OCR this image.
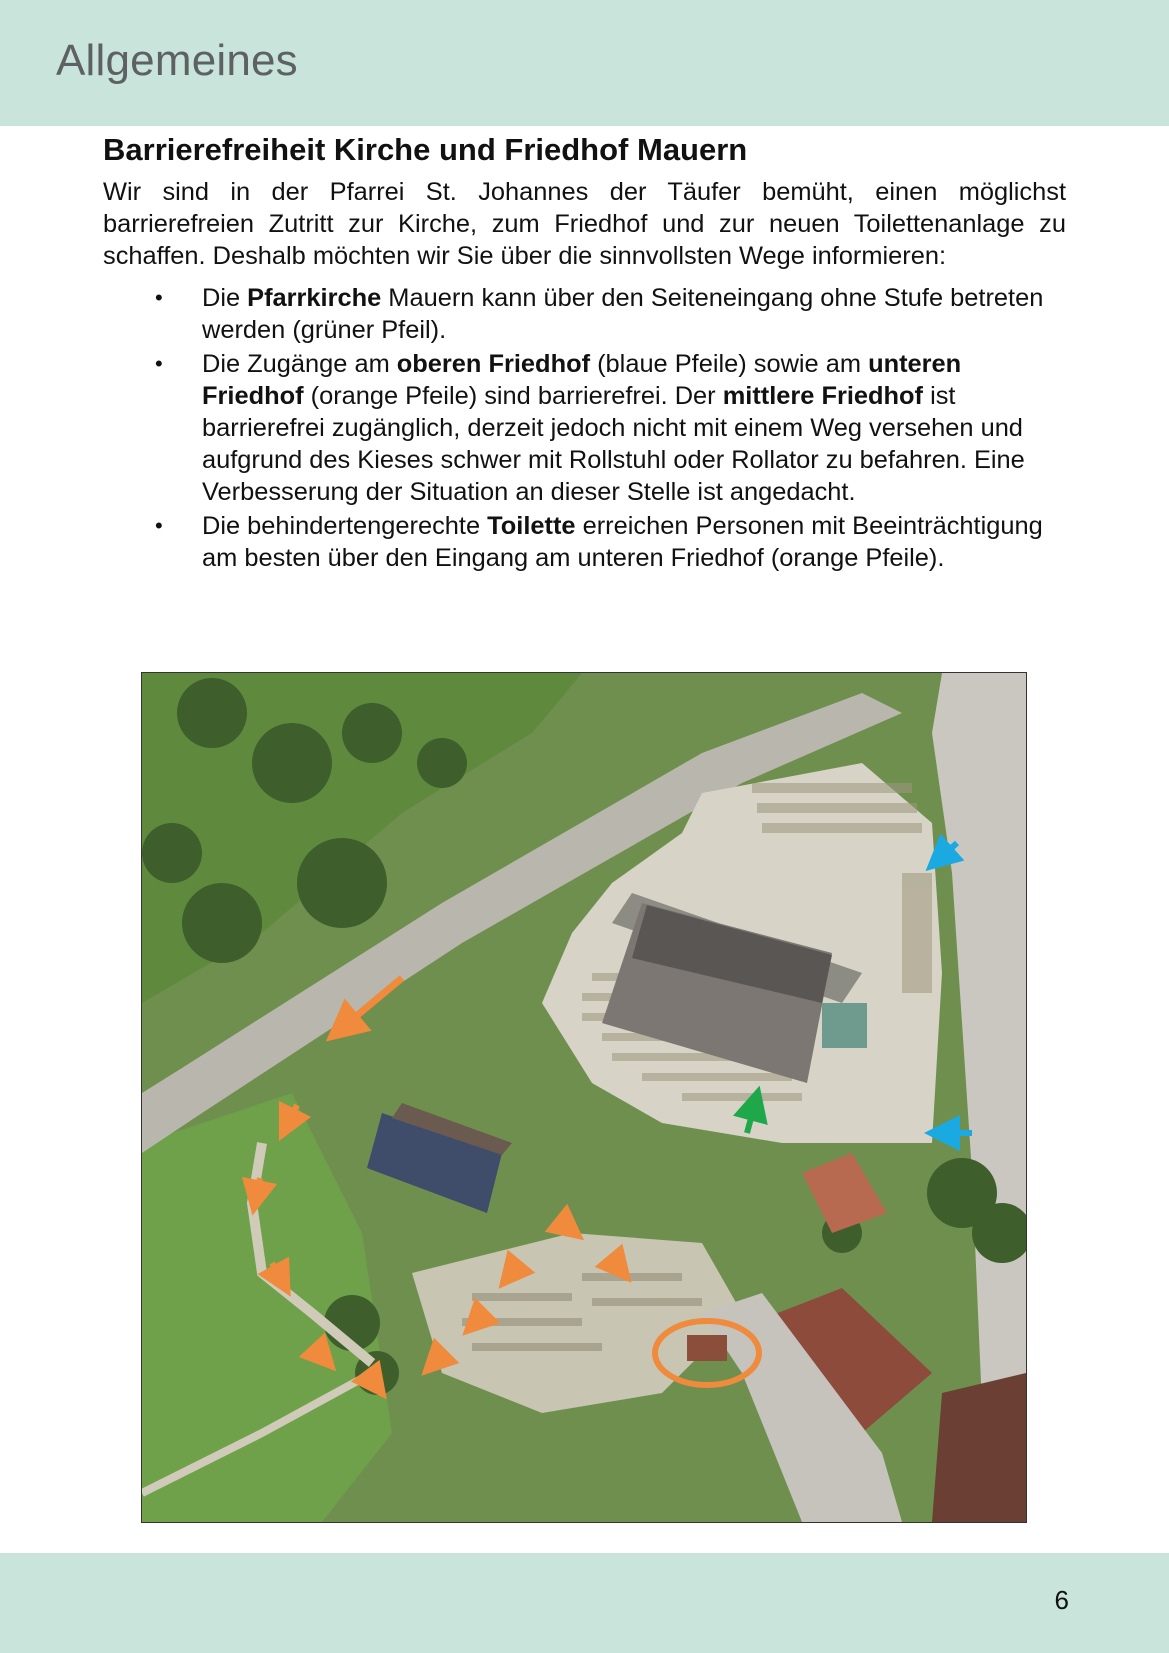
Allgemeines
Barrierefreiheit Kirche und Friedhof Mauern

Wir sind in der Pfarrei St. Johannes der Täufer bemüht, einen möglichst barrierefreien Zutritt zur Kirche, zum Friedhof und zur neuen Toilettenanlage zu schaffen. Deshalb möchten wir Sie über die sinnvollsten Wege informieren:

• Die Pfarrkirche Mauern kann über den Seiteneingang ohne Stufe betreten werden (grüner Pfeil).
• Die Zugänge am oberen Friedhof (blaue Pfeile) sowie am unteren Friedhof (orange Pfeile) sind barrierefrei. Der mittlere Friedhof ist barrierefrei zugänglich, derzeit jedoch nicht mit einem Weg versehen und aufgrund des Kieses schwer mit Rollstuhl oder Rollator zu befahren. Eine Verbesserung der Situation an dieser Stelle ist angedacht.
• Die behindertengerechte Toilette erreichen Personen mit Beeinträchtigung am besten über den Eingang am unteren Friedhof (orange Pfeile).
6
